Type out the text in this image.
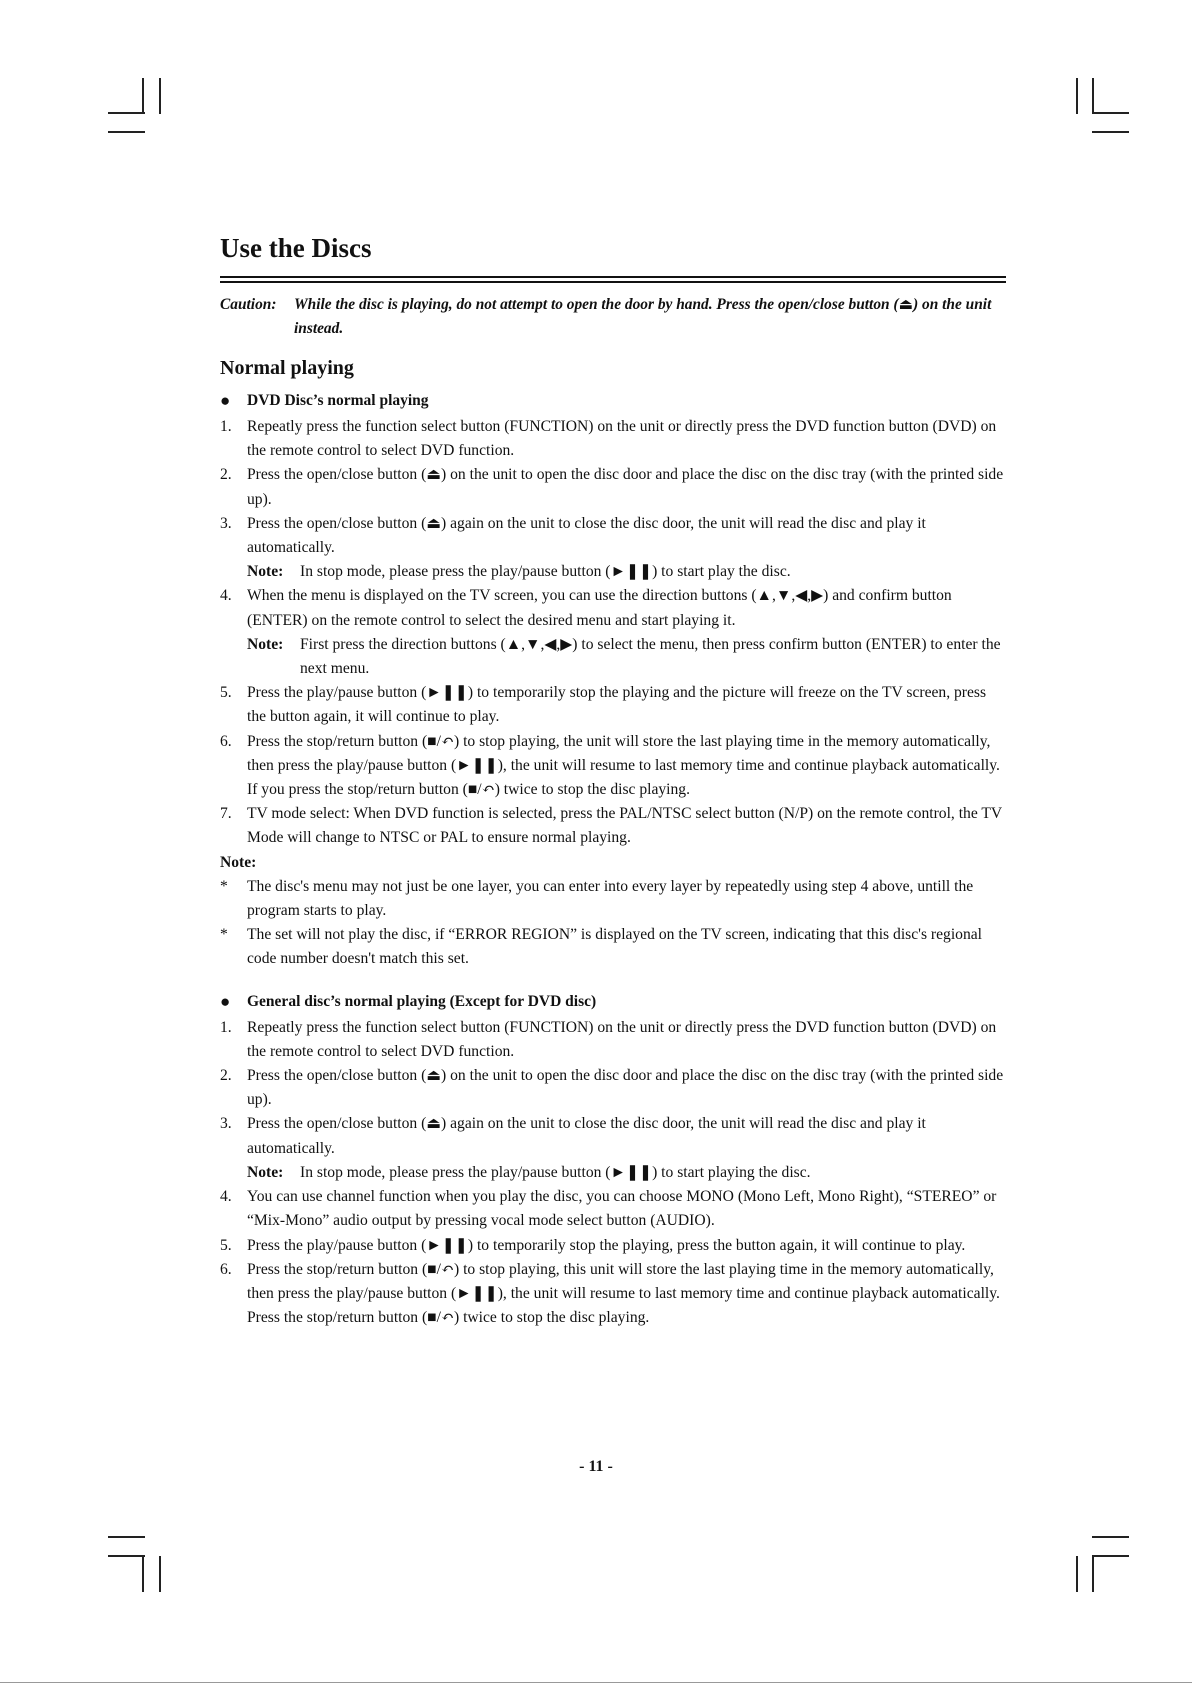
Use the Discs
Caution:	While the disc is playing, do not attempt to open the door by hand. Press the open/close button (⏏) on the unit instead.
Normal playing
●	DVD Disc’s normal playing
1. Repeatly press the function select button (FUNCTION) on the unit or directly press the DVD function button (DVD) on the remote control to select DVD function.
2. Press the open/close button (⏏) on the unit to open the disc door and place the disc on the disc tray (with the printed side up).
3. Press the open/close button (⏏) again on the unit to close the disc door, the unit will read the disc and play it automatically.
Note:	In stop mode, please press the play/pause button (►❚❚) to start play the disc.
4. When the menu is displayed on the TV screen, you can use the direction buttons (▲,▼,◀,▶) and confirm button (ENTER) on the remote control to select the desired menu and start playing it.
Note:	First press the direction buttons (▲,▼,◀,▶) to select the menu, then press confirm button (ENTER) to enter the next menu.
5. Press the play/pause button (►❚❚) to temporarily stop the playing and the picture will freeze on the TV screen, press the button again, it will continue to play.
6. Press the stop/return button (■/↶) to stop playing, the unit will store the last playing time in the memory automatically, then press the play/pause button (►❚❚), the unit will resume to last memory time and continue playback automatically.
If you press the stop/return button (■/↶) twice to stop the disc playing.
7. TV mode select: When DVD function is selected, press the PAL/NTSC select button (N/P) on the remote control, the TV Mode will change to NTSC or PAL to ensure normal playing.
Note:
*	The disc's menu may not just be one layer, you can enter into every layer by repeatedly using step 4 above, untill the program starts to play.
*	The set will not play the disc, if “ERROR REGION” is displayed on the TV screen, indicating that this disc's regional code number doesn't match this set.
●	General disc’s normal playing (Except for DVD disc)
1. Repeatly press the function select button (FUNCTION) on the unit or directly press the DVD function button (DVD) on the remote control to select DVD function.
2. Press the open/close button (⏏) on the unit to open the disc door and place the disc on the disc tray (with the printed side up).
3. Press the open/close button (⏏) again on the unit to close the disc door, the unit will read the disc and play it automatically.
Note:	In stop mode, please press the play/pause button (►❚❚) to start playing the disc.
4. You can use channel function when you play the disc, you can choose MONO (Mono Left, Mono Right), “STEREO” or “Mix-Mono” audio output by pressing vocal mode select button (AUDIO).
5. Press the play/pause button (►❚❚) to temporarily stop the playing, press the button again, it will continue to play.
6. Press the stop/return button (■/↶) to stop playing, this unit will store the last playing time in the memory automatically, then press the play/pause button (►❚❚), the unit will resume to last memory time and continue playback automatically.
Press the stop/return button (■/↶) twice to stop the disc playing.
- 11 -
